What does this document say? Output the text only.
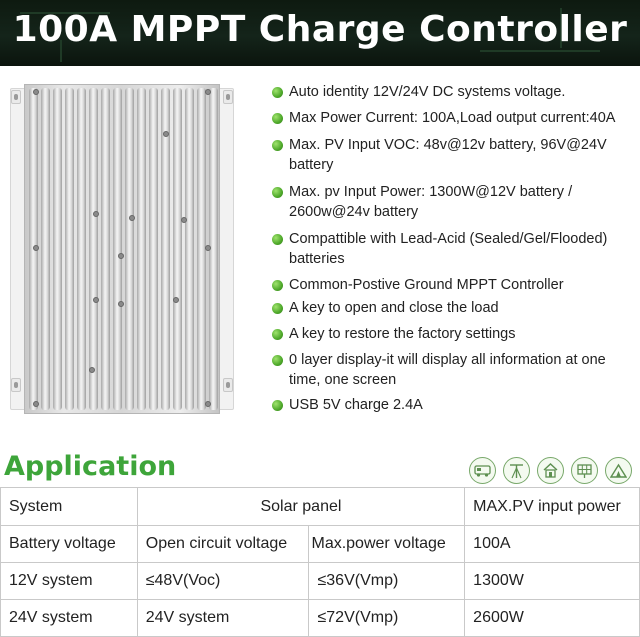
100A MPPT Charge Controller
Auto identity 12V/24V DC systems voltage.
Max Power Current: 100A,Load output current:40A
Max. PV Input VOC: 48v@12v battery, 96V@24V battery
Max. pv Input Power: 1300W@12V battery / 2600w@24v battery
Compattible with Lead-Acid (Sealed/Gel/Flooded) batteries
Common-Postive Ground MPPT Controller
A key to open and close the load
A key to restore the factory settings
0 layer display-it will display all information at one time, one screen
USB 5V charge 2.4A
Application
System	Solar panel		MAX.PV input power
Battery voltage	Open circuit voltage	Max.power voltage	100A
12V system	≤48V(Voc)	≤36V(Vmp)	1300W
24V system	24V system	≤72V(Vmp)	2600W
